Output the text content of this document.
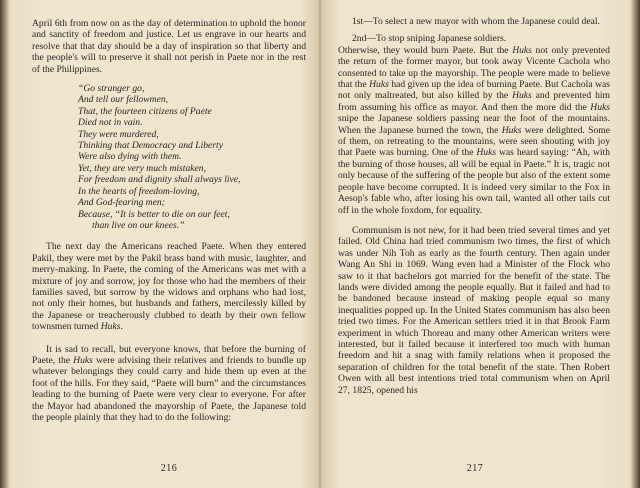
April 6th from now on as the day of determination to uphold the honor and sanctity of freedom and justice. Let us engrave in our hearts and resolve that that day should be a day of inspiration so that liberty and the people's will to preserve it shall not perish in Paete nor in the rest of the Philippines.

“Go stranger go,
And tell our fellowmen,
That, the fourteen citizens of Paete
Died not in vain.
They were murdered,
Thinking that Democracy and Liberty
Were also dying with them.
Yet, they are very much mistaken,
For freedom and dignity shall always live,
In the hearts of freedom-loving,
And God-fearing men;
Because, “It is better to die on our feet,
than live on our knees.”

The next day the Americans reached Paete. When they entered Pakil, they were met by the Pakil brass band with music, laughter, and merry-making. In Paete, the coming of the Americans was met with a mixture of joy and sorrow, joy for those who had the members of their families saved, but sorrow by the widows and orphans who had lost, not only their homes, but husbands and fathers, mercilessly killed by the Japanese or treacherously clubbed to death by their own fellow townsmen turned Huks.

It is sad to recall, but everyone knows, that before the burning of Paete, the Huks were advising their relatives and friends to bundle up whatever belongings they could carry and hide them up even at the foot of the hills. For they said, “Paete will burn” and the circumstances leading to the burning of Paete were very clear to everyone. For after the Mayor had abandoned the mayorship of Paete, the Japanese told the people plainly that they had to do the following:

216

1st—To select a new mayor with whom the Japanese could deal.

2nd—To stop sniping Japanese soldiers.

Otherwise, they would burn Paete. But the Huks not only prevented the return of the former mayor, but took away Vicente Cachola who consented to take up the mayorship. The people were made to believe that the Huks had given up the idea of burning Paete. But Cachola was not only maltreated, but also killed by the Huks and prevented him from assuming his office as mayor. And then the more did the Huks snipe the Japanese soldiers passing near the foot of the mountains. When the Japanese burned the town, the Huks were delighted. Some of them, on retreating to the mountains, were seen shouting with joy that Paete was burning. One of the Huks was heard saying: “Ah, with the burning of those houses, all will be equal in Paete.” It is, tragic not only because of the suffering of the people but also of the extent some people have become corrupted. It is indeed very similar to the Fox in Aesop's fable who, after losing his own tail, wanted all other tails cut off in the whole foxdom, for equality.

Communism is not new, for it had been tried several times and yet failed. Old China had tried communism two times, the first of which was under Nih Toh as early as the fourth century. Then again under Wang An Shi in 1069. Wang even had a Minister of the Flock who saw to it that bachelors got married for the benefit of the state. The lands were divided among the people equally. But it failed and had to be bandoned because instead of making people equal so many inequalities popped up. In the United States communism has also been tried two times. For the American settlers tried it in that Brook Farm experiment in which Thoreau and many other American writers were interested, but it failed because it interfered too much with human freedom and hit a snag with family relations when it proposed the separation of children for the total benefit of the state. Then Robert Owen with all best intentions tried total communism when on April 27, 1825, opened his

217
